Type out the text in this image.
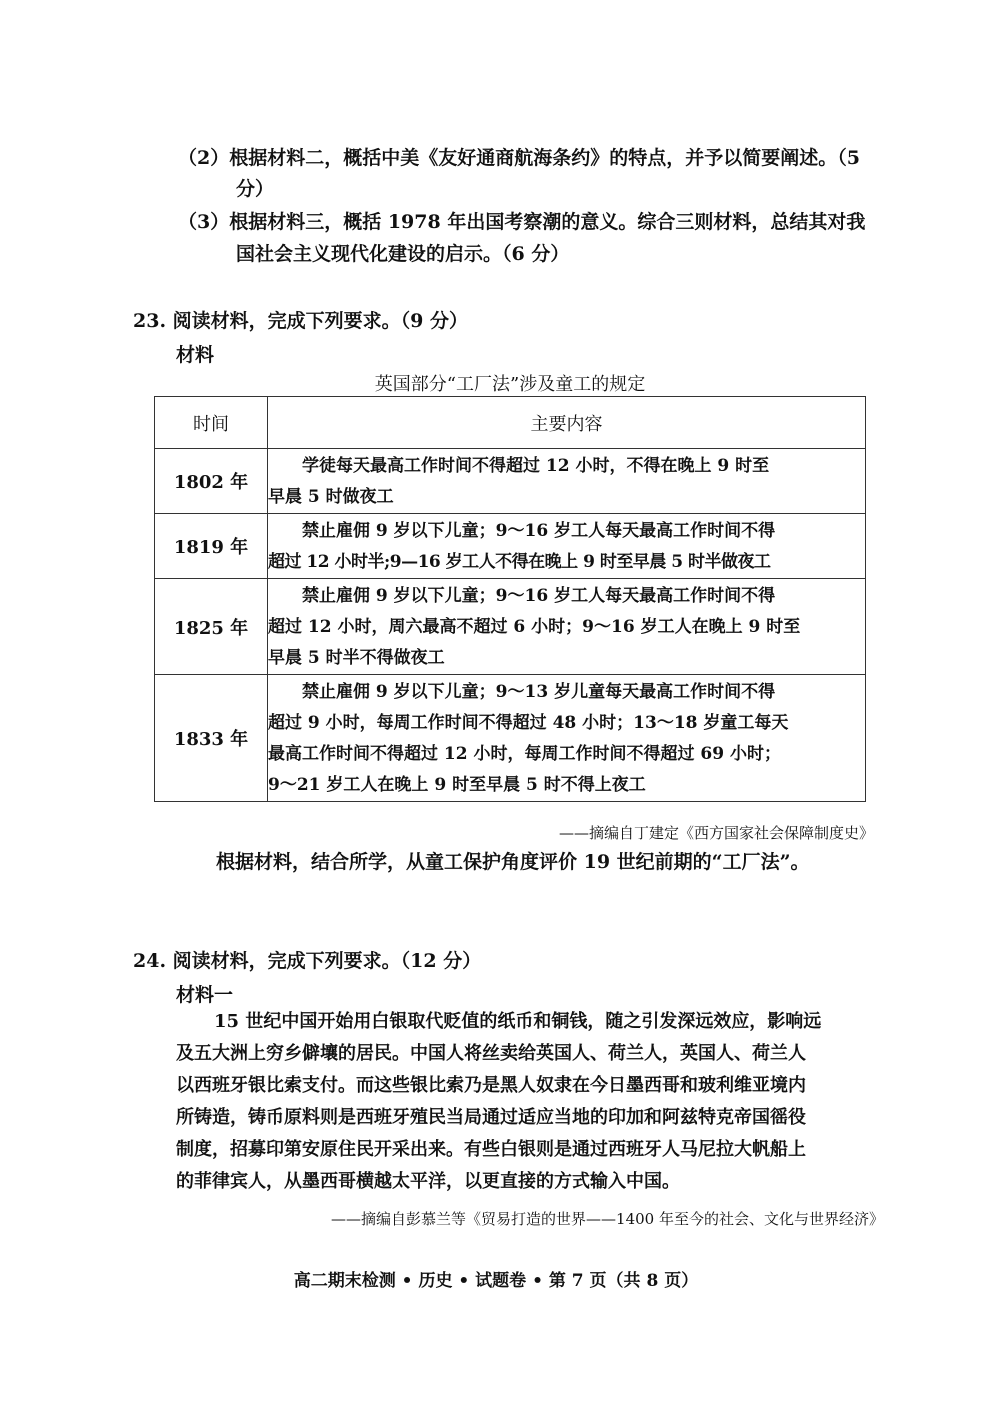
（2）根据材料二，概括中美《友好通商航海条约》的特点，并予以简要阐述。（5
分）
（3）根据材料三，概括 1978 年出国考察潮的意义。综合三则材料，总结其对我
国社会主义现代化建设的启示。（6 分）
23. 阅读材料，完成下列要求。（9 分）
材料
英国部分“工厂法”涉及童工的规定
时间	主要内容
1802 年	学徒每天最高工作时间不得超过 12 小时，不得在晚上 9 时至
早晨 5 时做夜工

1819 年	禁止雇佣 9 岁以下儿童；9～16 岁工人每天最高工作时间不得
超过 12 小时半;9—16 岁工人不得在晚上 9 时至早晨 5 时半做夜工

1825 年	禁止雇佣 9 岁以下儿童；9～16 岁工人每天最高工作时间不得
超过 12 小时，周六最高不超过 6 小时；9～16 岁工人在晚上 9 时至
早晨 5 时半不得做夜工

1833 年	禁止雇佣 9 岁以下儿童；9～13 岁儿童每天最高工作时间不得
超过 9 小时，每周工作时间不得超过 48 小时；13～18 岁童工每天
最高工作时间不得超过 12 小时，每周工作时间不得超过 69 小时；
9～21 岁工人在晚上 9 时至早晨 5 时不得上夜工
——摘编自丁建定《西方国家社会保障制度史》
根据材料，结合所学，从童工保护角度评价 19 世纪前期的“工厂法”。
24. 阅读材料，完成下列要求。（12 分）
材料一
15 世纪中国开始用白银取代贬值的纸币和铜钱，随之引发深远效应，影响远
及五大洲上穷乡僻壤的居民。中国人将丝卖给英国人、荷兰人，英国人、荷兰人
以西班牙银比索支付。而这些银比索乃是黑人奴隶在今日墨西哥和玻利维亚境内
所铸造，铸币原料则是西班牙殖民当局通过适应当地的印加和阿兹特克帝国徭役
制度，招募印第安原住民开采出来。有些白银则是通过西班牙人马尼拉大帆船上
的菲律宾人，从墨西哥横越太平洋，以更直接的方式输入中国。
——摘编自彭慕兰等《贸易打造的世界——1400 年至今的社会、文化与世界经济》
高二期末检测 • 历史 • 试题卷 • 第 7 页（共 8 页）
